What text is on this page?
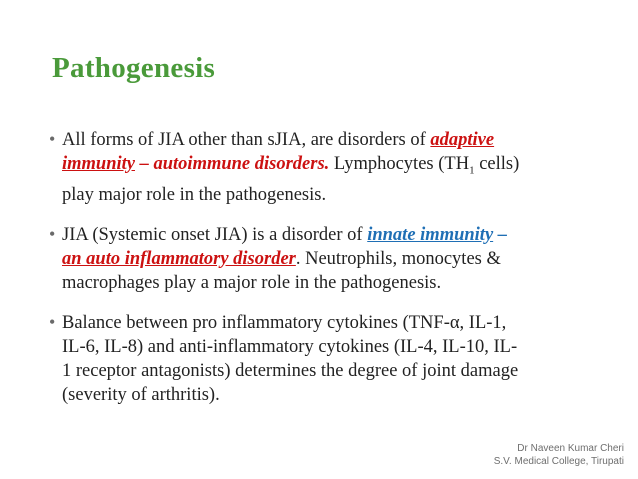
Pathogenesis
• All forms of JIA other than sJIA, are disorders of adaptive
immunity – autoimmune disorders. Lymphocytes ($TH_1$ cells)
play major role in the pathogenesis.
• JIA (Systemic onset JIA) is a disorder of innate immunity –
an auto inflammatory disorder. Neutrophils, monocytes &
macrophages play a major role in the pathogenesis.
• Balance between pro inflammatory cytokines (TNF-α, IL-1,
IL-6, IL-8) and anti-inflammatory cytokines (IL-4, IL-10, IL-
1 receptor antagonists) determines the degree of joint damage
(severity of arthritis).
Dr Naveen Kumar Cheri
S.V. Medical College, Tirupati
